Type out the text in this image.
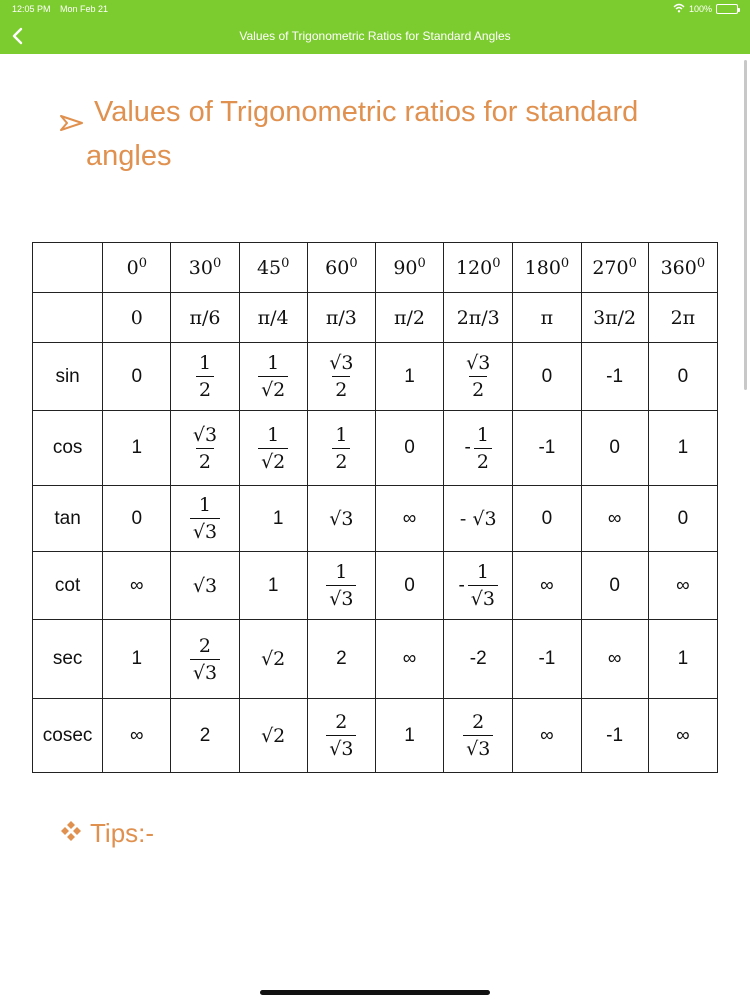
12:05 PM Mon Feb 21	100%
Values of Trigonometric Ratios for Standard Angles
Values of Trigonometric ratios for standard
angles
	$0^0$	$30^0$	$45^0$	$60^0$	$90^0$	$120^0$	$180^0$	$270^0$	$360^0$
	0	π/6	π/4	π/3	π/2	2π/3	π	3π/2	2π
sin	0	$\frac{1}{2}$	$\frac{1}{√2}$	$\frac{√3}{2}$	1	$\frac{√3}{2}$	0	-1	0
cos	1	$\frac{√3}{2}$	$\frac{1}{√2}$	$\frac{1}{2}$	0	- $\frac{1}{2}$	-1	0	1
tan	0	$\frac{1}{√3}$	1	√3	∞	- √3	0	∞	0
cot	∞	√3	1	$\frac{1}{√3}$	0	- $\frac{1}{√3}$	∞	0	∞
sec	1	$\frac{2}{√3}$	√2	2	∞	-2	-1	∞	1
cosec	∞	2	√2	$\frac{2}{√3}$	1	$\frac{2}{√3}$	∞	-1	∞
Tips:-
